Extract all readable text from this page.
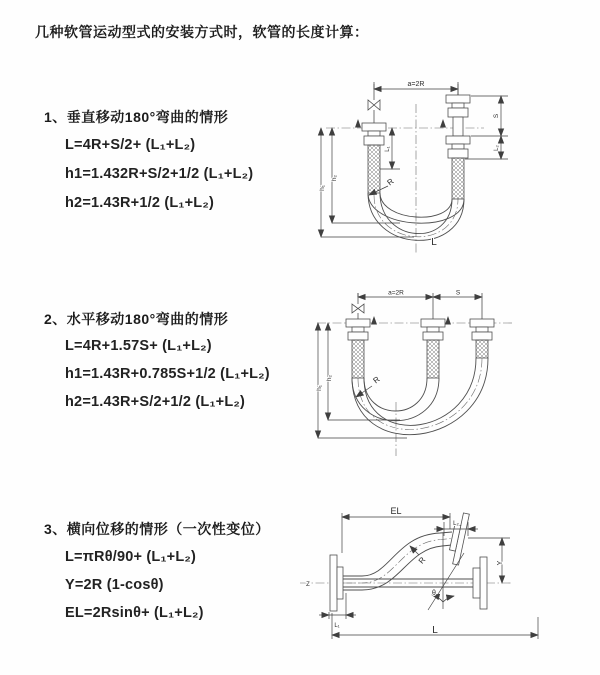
几种软管运动型式的安装方式时，软管的长度计算：
1、垂直移动180°弯曲的情形
L=4R+S/2+ (L₁+L₂)
h1=1.432R+S/2+1/2 (L₁+L₂)
h2=1.43R+1/2 (L₁+L₂)
2、水平移动180°弯曲的情形
L=4R+1.57S+ (L₁+L₂)
h1=1.43R+0.785S+1/2 (L₁+L₂)
h2=1.43R+S/2+1/2 (L₁+L₂)
3、横向位移的情形（一次性变位）
L=πRθ/90+ (L₁+L₂)
Y=2R (1-cosθ)
EL=2Rsinθ+ (L₁+L₂)
a=2R
h₁
h₂
L₁
S
L₂
R
L
a=2R	S
h₁
h₂	R
EL
L₂
Y
R
θ
L
L₁
Z
